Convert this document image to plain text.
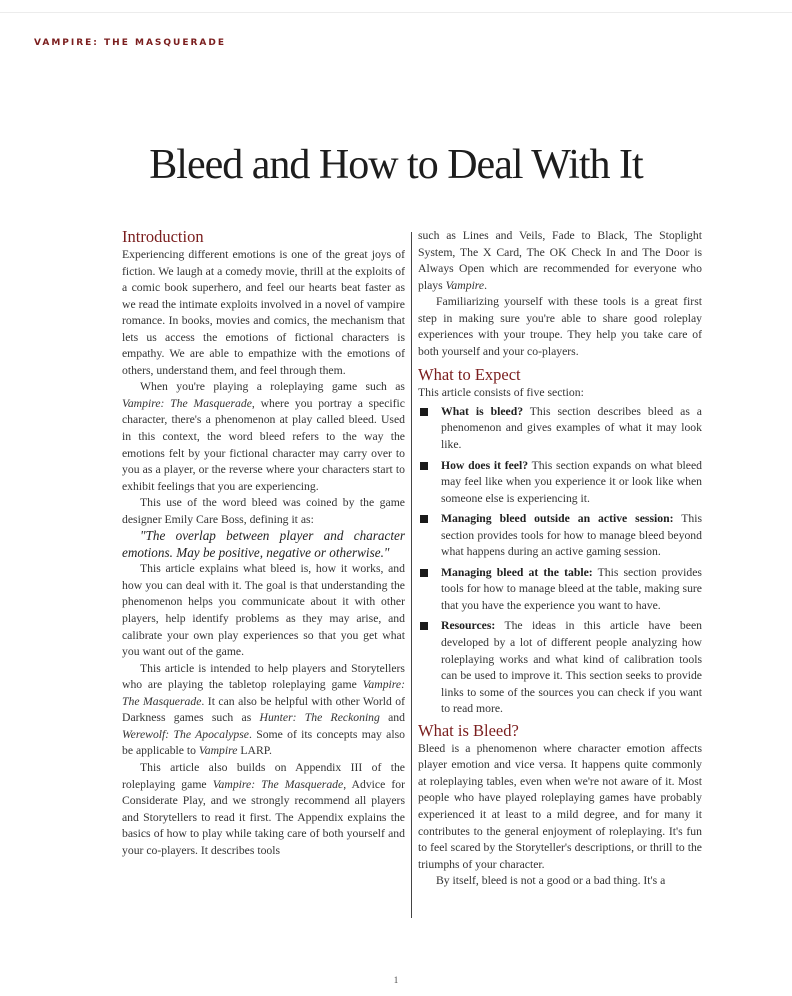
VAMPIRE: THE MASQUERADE
Bleed and How to Deal With It
Introduction

Experiencing different emotions is one of the great joys of fiction. We laugh at a comedy movie, thrill at the exploits of a comic book superhero, and feel our hearts beat faster as we read the intimate exploits involved in a novel of vampire romance. In books, movies and comics, the mechanism that lets us access the emotions of fictional characters is empathy. We are able to empathize with the emotions of others, understand them, and feel through them.

When you're playing a roleplaying game such as Vampire: The Masquerade, where you portray a specific character, there's a phenomenon at play called bleed. Used in this context, the word bleed refers to the way the emotions felt by your fictional character may carry over to you as a player, or the reverse where your characters start to exhibit feelings that you are experiencing.

This use of the word bleed was coined by the game designer Emily Care Boss, defining it as:

"The overlap between player and character emotions. May be positive, negative or otherwise."

This article explains what bleed is, how it works, and how you can deal with it. The goal is that understanding the phenomenon helps you communicate about it with other players, help identify problems as they may arise, and calibrate your own play experiences so that you get what you want out of the game.

This article is intended to help players and Storytellers who are playing the tabletop roleplaying game Vampire: The Masquerade. It can also be helpful with other World of Darkness games such as Hunter: The Reckoning and Werewolf: The Apocalypse. Some of its concepts may also be applicable to Vampire LARP.

This article also builds on Appendix III of the roleplaying game Vampire: The Masquerade, Advice for Considerate Play, and we strongly recommend all players and Storytellers to read it first. The Appendix explains the basics of how to play while taking care of both yourself and your co-players. It describes tools

such as Lines and Veils, Fade to Black, The Stoplight System, The X Card, The OK Check In and The Door is Always Open which are recommended for everyone who plays Vampire.

Familiarizing yourself with these tools is a great first step in making sure you're able to share good roleplay experiences with your troupe. They help you take care of both yourself and your co-players.

What to Expect

This article consists of five section:

What is bleed? This section describes bleed as a phenomenon and gives examples of what it may look like.
How does it feel? This section expands on what bleed may feel like when you experience it or look like when someone else is experiencing it.
Managing bleed outside an active session: This section provides tools for how to manage bleed beyond what happens during an active gaming session.
Managing bleed at the table: This section provides tools for how to manage bleed at the table, making sure that you have the experience you want to have.
Resources: The ideas in this article have been developed by a lot of different people analyzing how roleplaying works and what kind of calibration tools can be used to improve it. This section seeks to provide links to some of the sources you can check if you want to read more.
What is Bleed?

Bleed is a phenomenon where character emotion affects player emotion and vice versa. It happens quite commonly at roleplaying tables, even when we're not aware of it. Most people who have played roleplaying games have probably experienced it at least to a mild degree, and for many it contributes to the general enjoyment of roleplaying. It's fun to feel scared by the Storyteller's descriptions, or thrill to the triumphs of your character.

By itself, bleed is not a good or a bad thing. It's a

1
